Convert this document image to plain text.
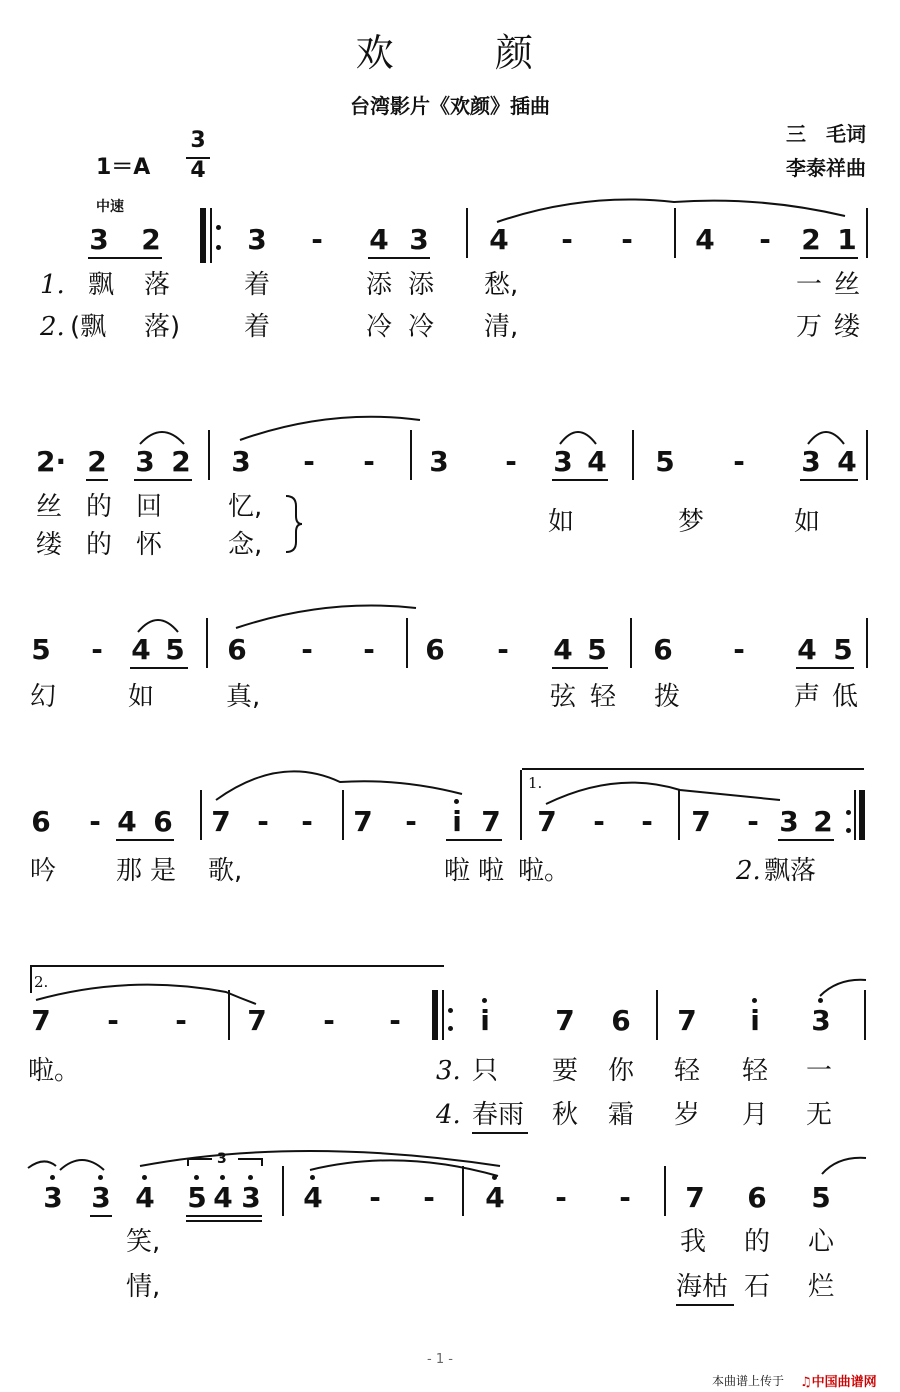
欢 颜
台湾影片《欢颜》插曲
三　毛词
李泰祥曲
1＝A
3
4
中速
3 2	3 - 4 3 4 - - 4 - 2 1
1. 飘 落	着	添 添 愁,	一 丝
2. (飘 落) 着	冷 冷 清,	万 缕
2· 2 3 2 3 - - 3 - 3 4 5 - 3 4
丝 的 回	忆,
缕 的 怀	念,
如	梦	如
5 - 4 5 6 - - 6 - 4 5 6 - 4 5
幻	如	真,	弦 轻 拨	声 低
6 - 4 6 7 - - 7 - i 7
1.
7 - - 7 - 3 2
吟 那 是 歌,	啦 啦 啦。	2. 飘落
2.
7 - - 7 - -	i 7 6 7 i 3
啦。	3. 只 要 你 轻 轻 一
4. 春雨 秋 霜 岁 月 无
3 3 4 5 4 3
3
4 - - 4 - - 7 6 5
笑,	我 的 心
情,	海枯 石 烂
- 1 -
本曲谱上传于 ♫中国曲谱网
